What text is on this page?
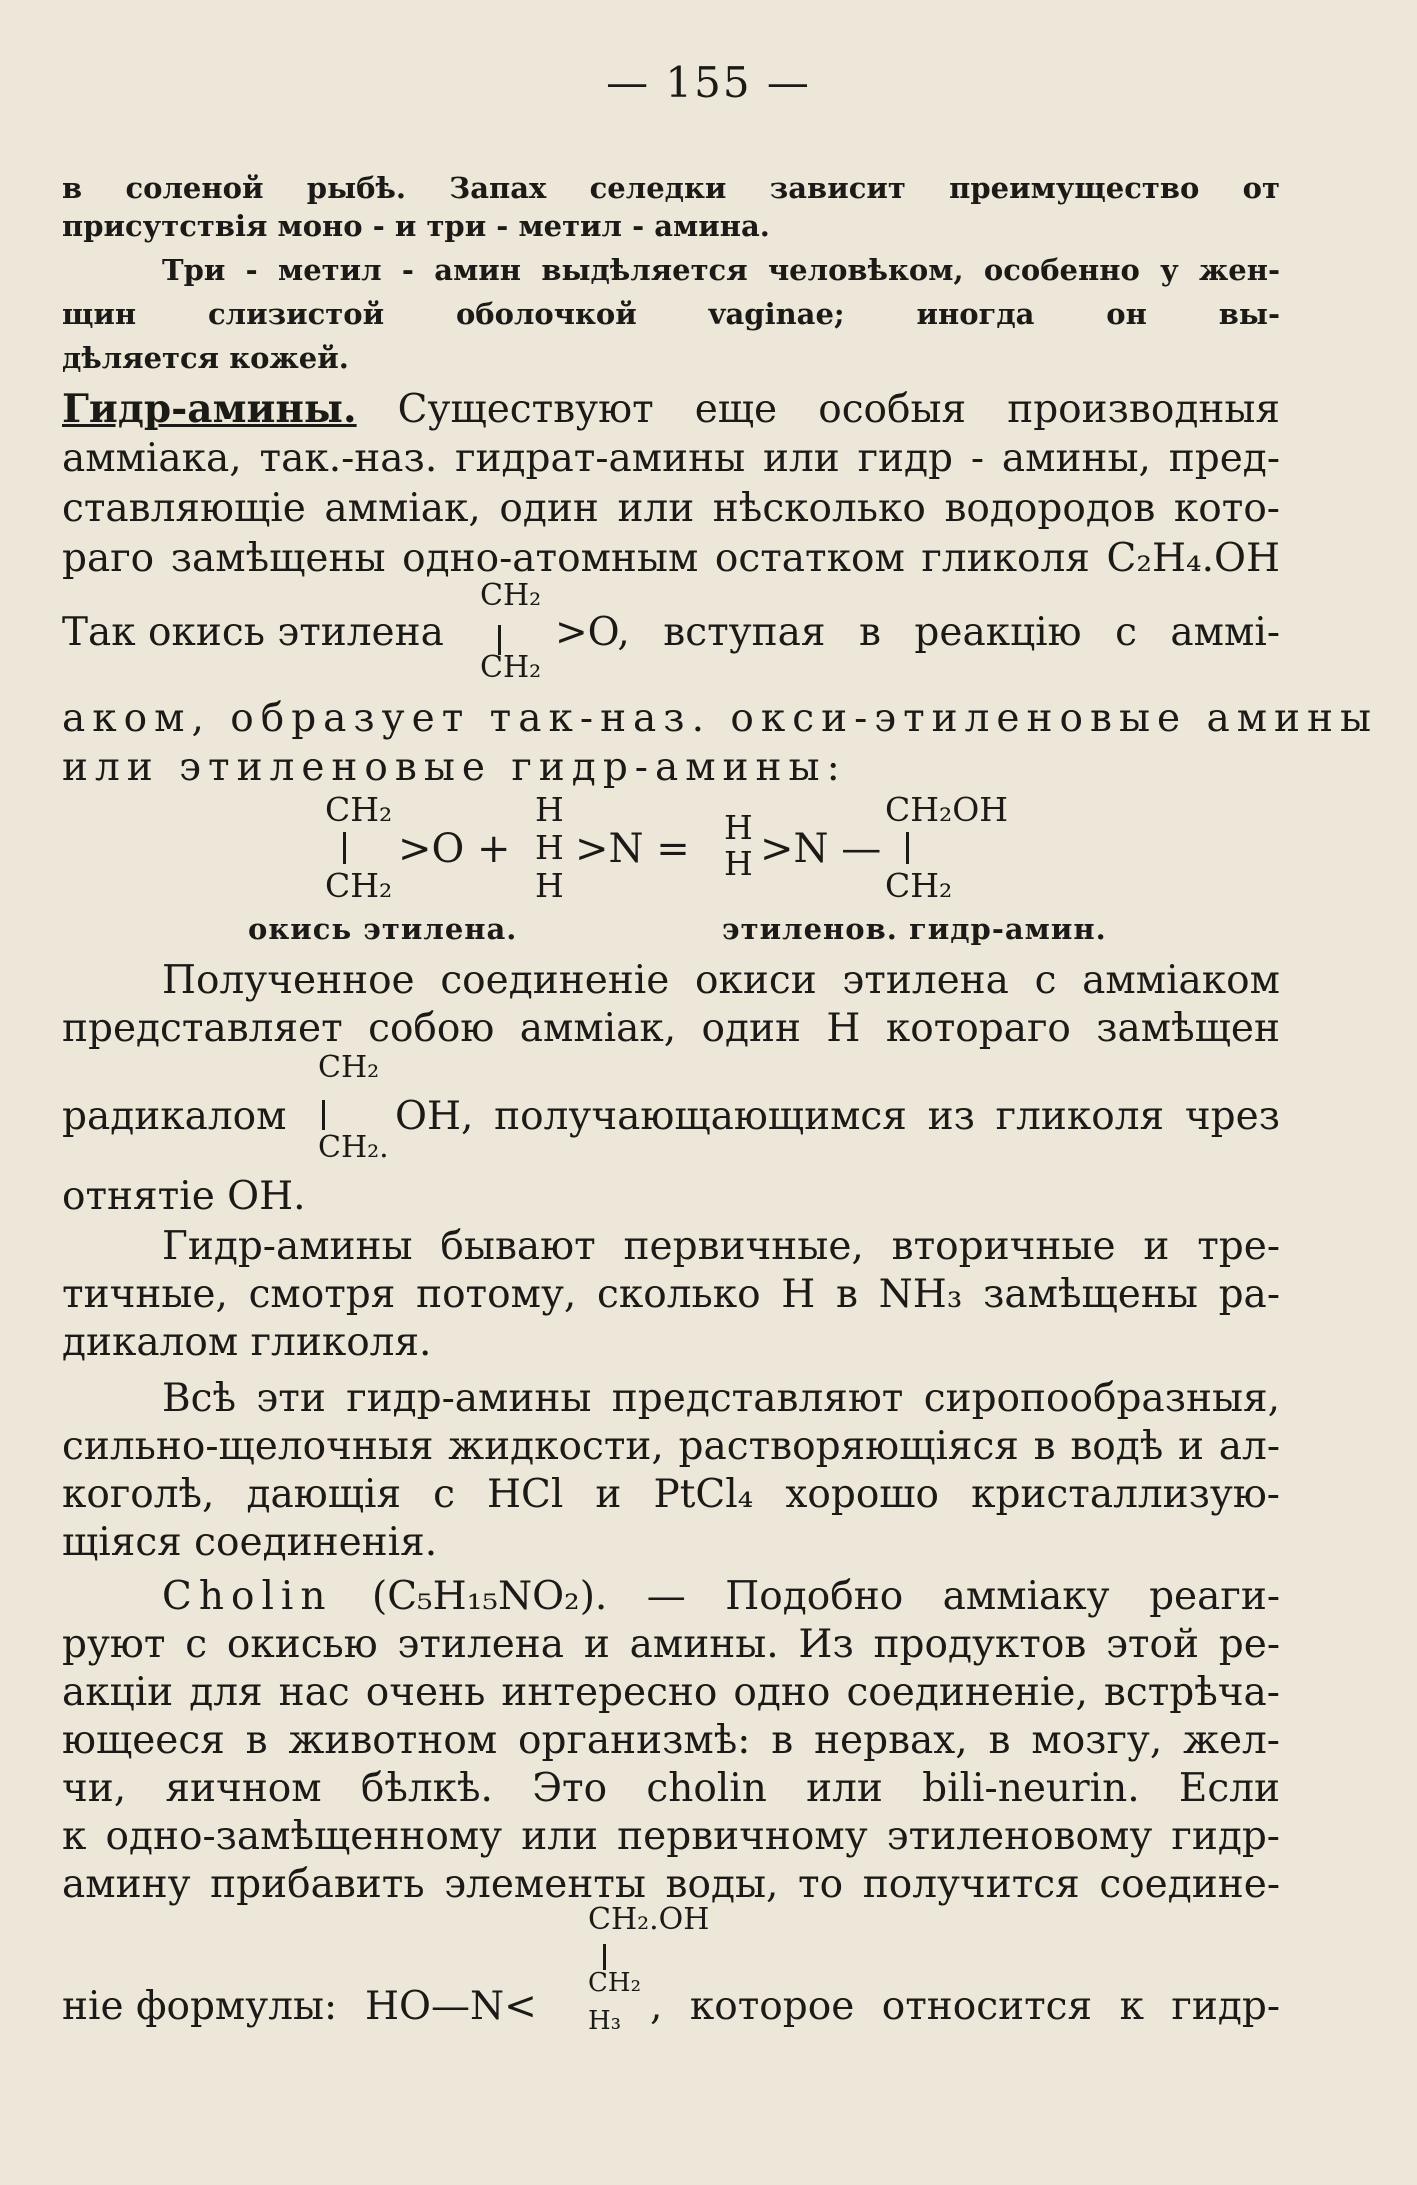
— 155 —
в соленой рыбѣ. Запах селедки зависит преимущество от
присутствія моно - и три - метил - амина.
Три - метил - амин выдѣляется человѣком, особенно у жен-
щин слизистой оболочкой vaginae; иногда он вы-
дѣляется кожей.
Гидр-амины. Существуют еще особыя производныя
амміака, так.-наз. гидрат-амины или гидр - амины, пред-
ставляющіе амміак, один или нѣсколько водородов кото-
раго замѣщены одно-атомным остатком гликоля C₂H₄.OH
CH₂
Так окись этилена	>O, вступая в реакцію с аммі-
CH₂
аком, образует так-наз. окси-этиленовые амины
или этиленовые гидр-амины:
CH₂
CH₂
>O +
H
H
H
>N = H
H >N —
CH₂OH
CH₂
окись этилена.	этиленов. гидр-амин.
Полученное соединеніе окиси этилена с амміаком
представляет собою амміак, один H котораго замѣщен
CH₂
радикалом	OH, получающающимся из гликоля чрез
CH₂.
отнятіе OH.
Гидр-амины бывают первичные, вторичные и тре-
тичные, смотря потому, сколько H в NH₃ замѣщены ра-
дикалом гликоля.
Всѣ эти гидр-амины представляют сиропообразныя,
сильно-щелочныя жидкости, растворяющіяся в водѣ и ал-
коголѣ, дающія с HCl и PtCl₄ хорошо кристаллизую-
щіяся соединенія.
Cholin (C₅H₁₅NO₂). — Подобно амміаку реаги-
руют с окисью этилена и амины. Из продуктов этой ре-
акціи для нас очень интересно одно соединеніе, встрѣча-
ющееся в животном организмѣ: в нервах, в мозгу, жел-
чи, яичном бѣлкѣ. Это cholin или bili-neurin. Если
к одно-замѣщенному или первичному этиленовому гидр-
амину прибавить элементы воды, то получится соедине-
CH₂.OH
ніе формулы: HO—N<
CH₂
H₃ , которое относится к гидр-
